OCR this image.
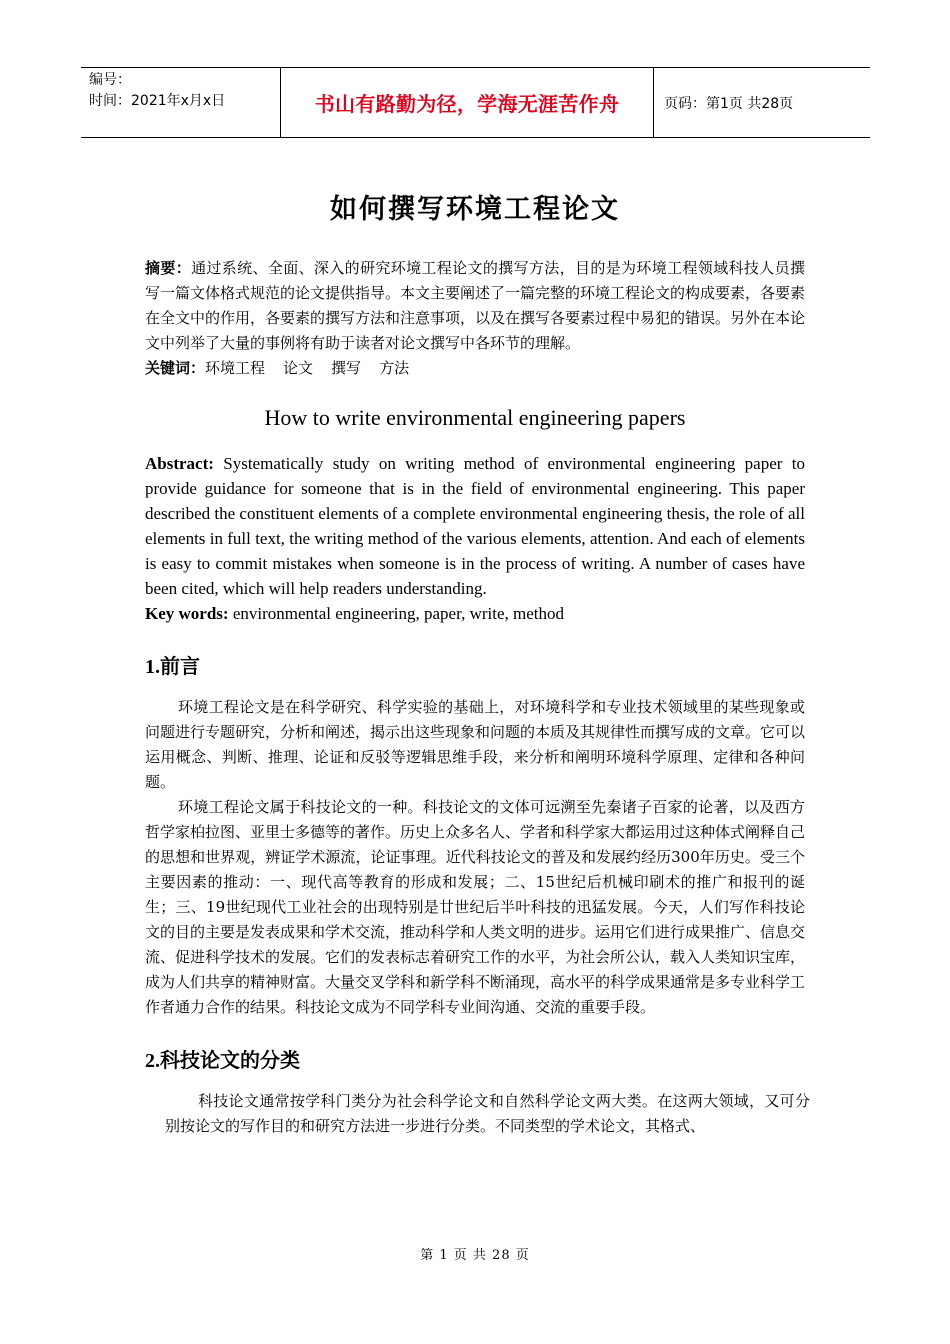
编号：
时间：2021年x月x日	书山有路勤为径，学海无涯苦作舟	页码：第1页 共28页
如何撰写环境工程论文

摘要：通过系统、全面、深入的研究环境工程论文的撰写方法，目的是为环境工程领域科技人员撰写一篇文体格式规范的论文提供指导。本文主要阐述了一篇完整的环境工程论文的构成要素，各要素在全文中的作用，各要素的撰写方法和注意事项，以及在撰写各要素过程中易犯的错误。另外在本论文中列举了大量的事例将有助于读者对论文撰写中各环节的理解。

关键词：环境工程 论文 撰写 方法

How to write environmental engineering papers

Abstract: Systematically study on writing method of environmental engineering paper to provide guidance for someone that is in the field of environmental engineering. This paper described the constituent elements of a complete environmental engineering thesis, the role of all elements in full text, the writing method of the various elements, attention. And each of elements is easy to commit mistakes when someone is in the process of writing. A number of cases have been cited, which will help readers understanding.

Key words: environmental engineering, paper, write, method

1.前言

环境工程论文是在科学研究、科学实验的基础上，对环境科学和专业技术领域里的某些现象或问题进行专题研究，分析和阐述，揭示出这些现象和问题的本质及其规律性而撰写成的文章。它可以运用概念、判断、推理、论证和反驳等逻辑思维手段，来分析和阐明环境科学原理、定律和各种问题。

环境工程论文属于科技论文的一种。科技论文的文体可远溯至先秦诸子百家的论著，以及西方哲学家柏拉图、亚里士多德等的著作。历史上众多名人、学者和科学家大都运用过这种体式阐释自己的思想和世界观，辨证学术源流，论证事理。近代科技论文的普及和发展约经历300年历史。受三个主要因素的推动：一、现代高等教育的形成和发展；二、15世纪后机械印刷术的推广和报刊的诞生；三、19世纪现代工业社会的出现特别是廿世纪后半叶科技的迅猛发展。今天，人们写作科技论文的目的主要是发表成果和学术交流，推动科学和人类文明的进步。运用它们进行成果推广、信息交流、促进科学技术的发展。它们的发表标志着研究工作的水平，为社会所公认，载入人类知识宝库，成为人们共享的精神财富。大量交叉学科和新学科不断涌现，高水平的科学成果通常是多专业科学工作者通力合作的结果。科技论文成为不同学科专业间沟通、交流的重要手段。

2.科技论文的分类

科技论文通常按学科门类分为社会科学论文和自然科学论文两大类。在这两大领域，又可分别按论文的写作目的和研究方法进一步进行分类。不同类型的学术论文，其格式、

第 1 页 共 28 页
